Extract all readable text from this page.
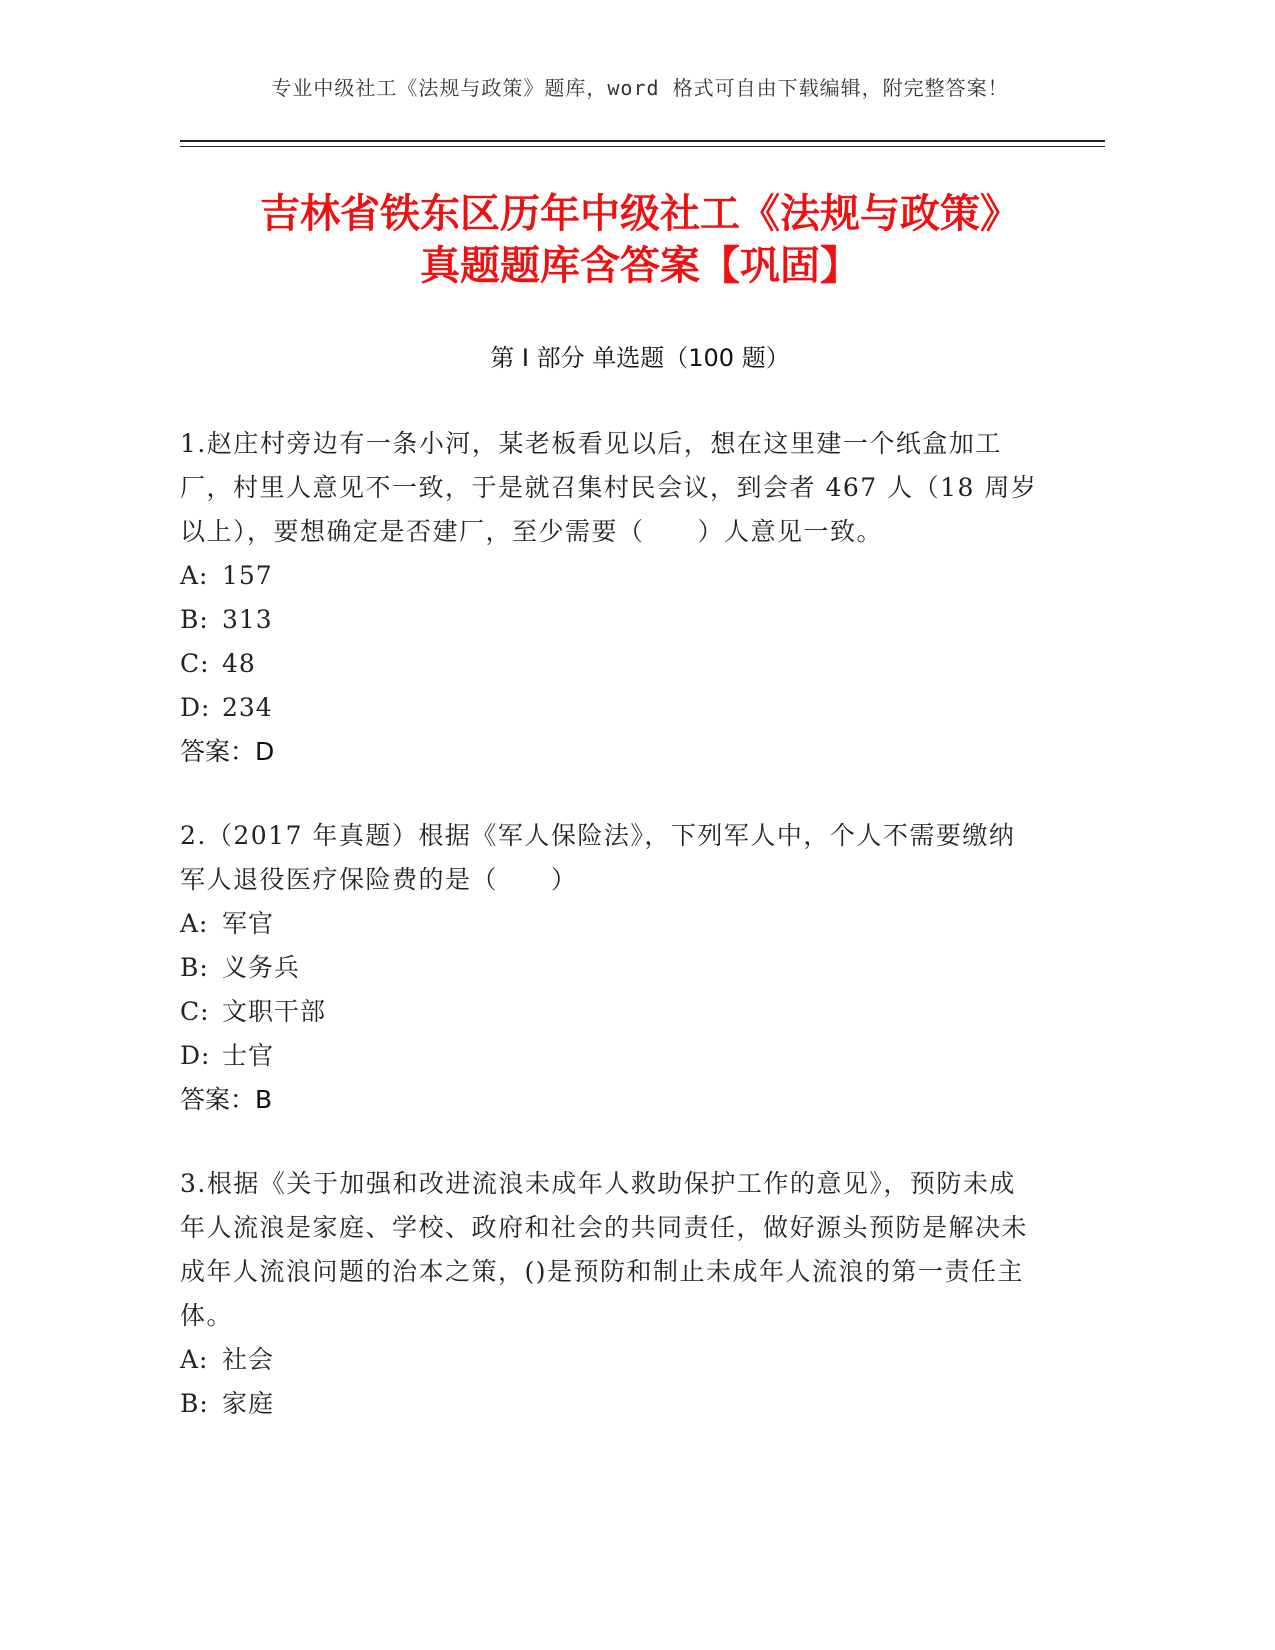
专业中级社工《法规与政策》题库，word 格式可自由下载编辑，附完整答案！
吉林省铁东区历年中级社工《法规与政策》
真题题库含答案【巩固】
第 I 部分 单选题（100 题）
1.赵庄村旁边有一条小河，某老板看见以后，想在这里建一个纸盒加工厂，村里人意见不一致，于是就召集村民会议，到会者 467 人（18 周岁以上），要想确定是否建厂，至少需要（　　）人意见一致。
A: 157
B: 313
C: 48
D: 234
答案：D
2.（2017 年真题）根据《军人保险法》，下列军人中，个人不需要缴纳军人退役医疗保险费的是（　　）
A: 军官
B: 义务兵
C: 文职干部
D: 士官
答案：B
3.根据《关于加强和改进流浪未成年人救助保护工作的意见》，预防未成年人流浪是家庭、学校、政府和社会的共同责任，做好源头预防是解决未成年人流浪问题的治本之策，()是预防和制止未成年人流浪的第一责任主体。
A: 社会
B: 家庭
